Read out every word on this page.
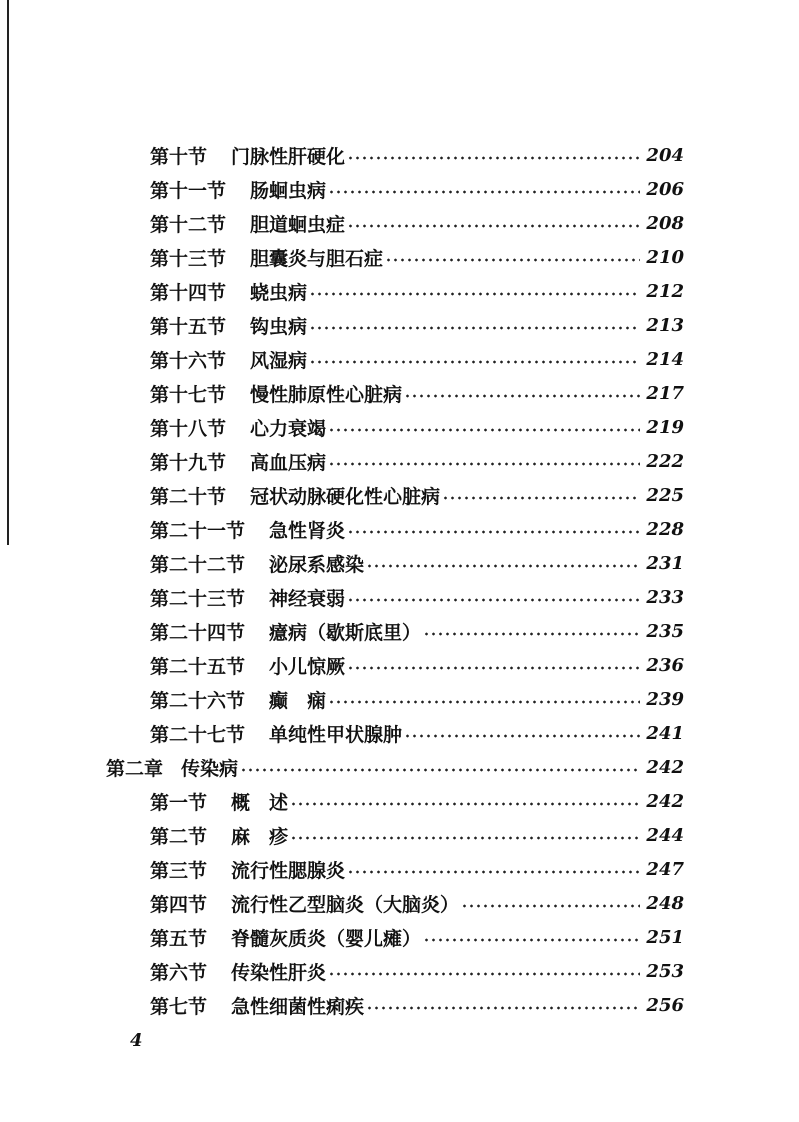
第十节 门脉性肝硬化	204
第十一节 肠蛔虫病	206
第十二节 胆道蛔虫症	208
第十三节 胆囊炎与胆石症	210
第十四节 蛲虫病	212
第十五节 钩虫病	213
第十六节 风湿病	214
第十七节 慢性肺原性心脏病	217
第十八节 心力衰竭	219
第十九节 高血压病	222
第二十节 冠状动脉硬化性心脏病	225
第二十一节 急性肾炎	228
第二十二节 泌尿系感染	231
第二十三节 神经衰弱	233
第二十四节 癔病（歇斯底里）	235
第二十五节 小儿惊厥	236
第二十六节 癫　痫	239
第二十七节 单纯性甲状腺肿	241
第二章 传染病	242
第一节 概　述	242
第二节 麻　疹	244
第三节 流行性腮腺炎	247
第四节 流行性乙型脑炎（大脑炎）	248
第五节 脊髓灰质炎（婴儿瘫）	251
第六节 传染性肝炎	253
第七节 急性细菌性痢疾	256
4
